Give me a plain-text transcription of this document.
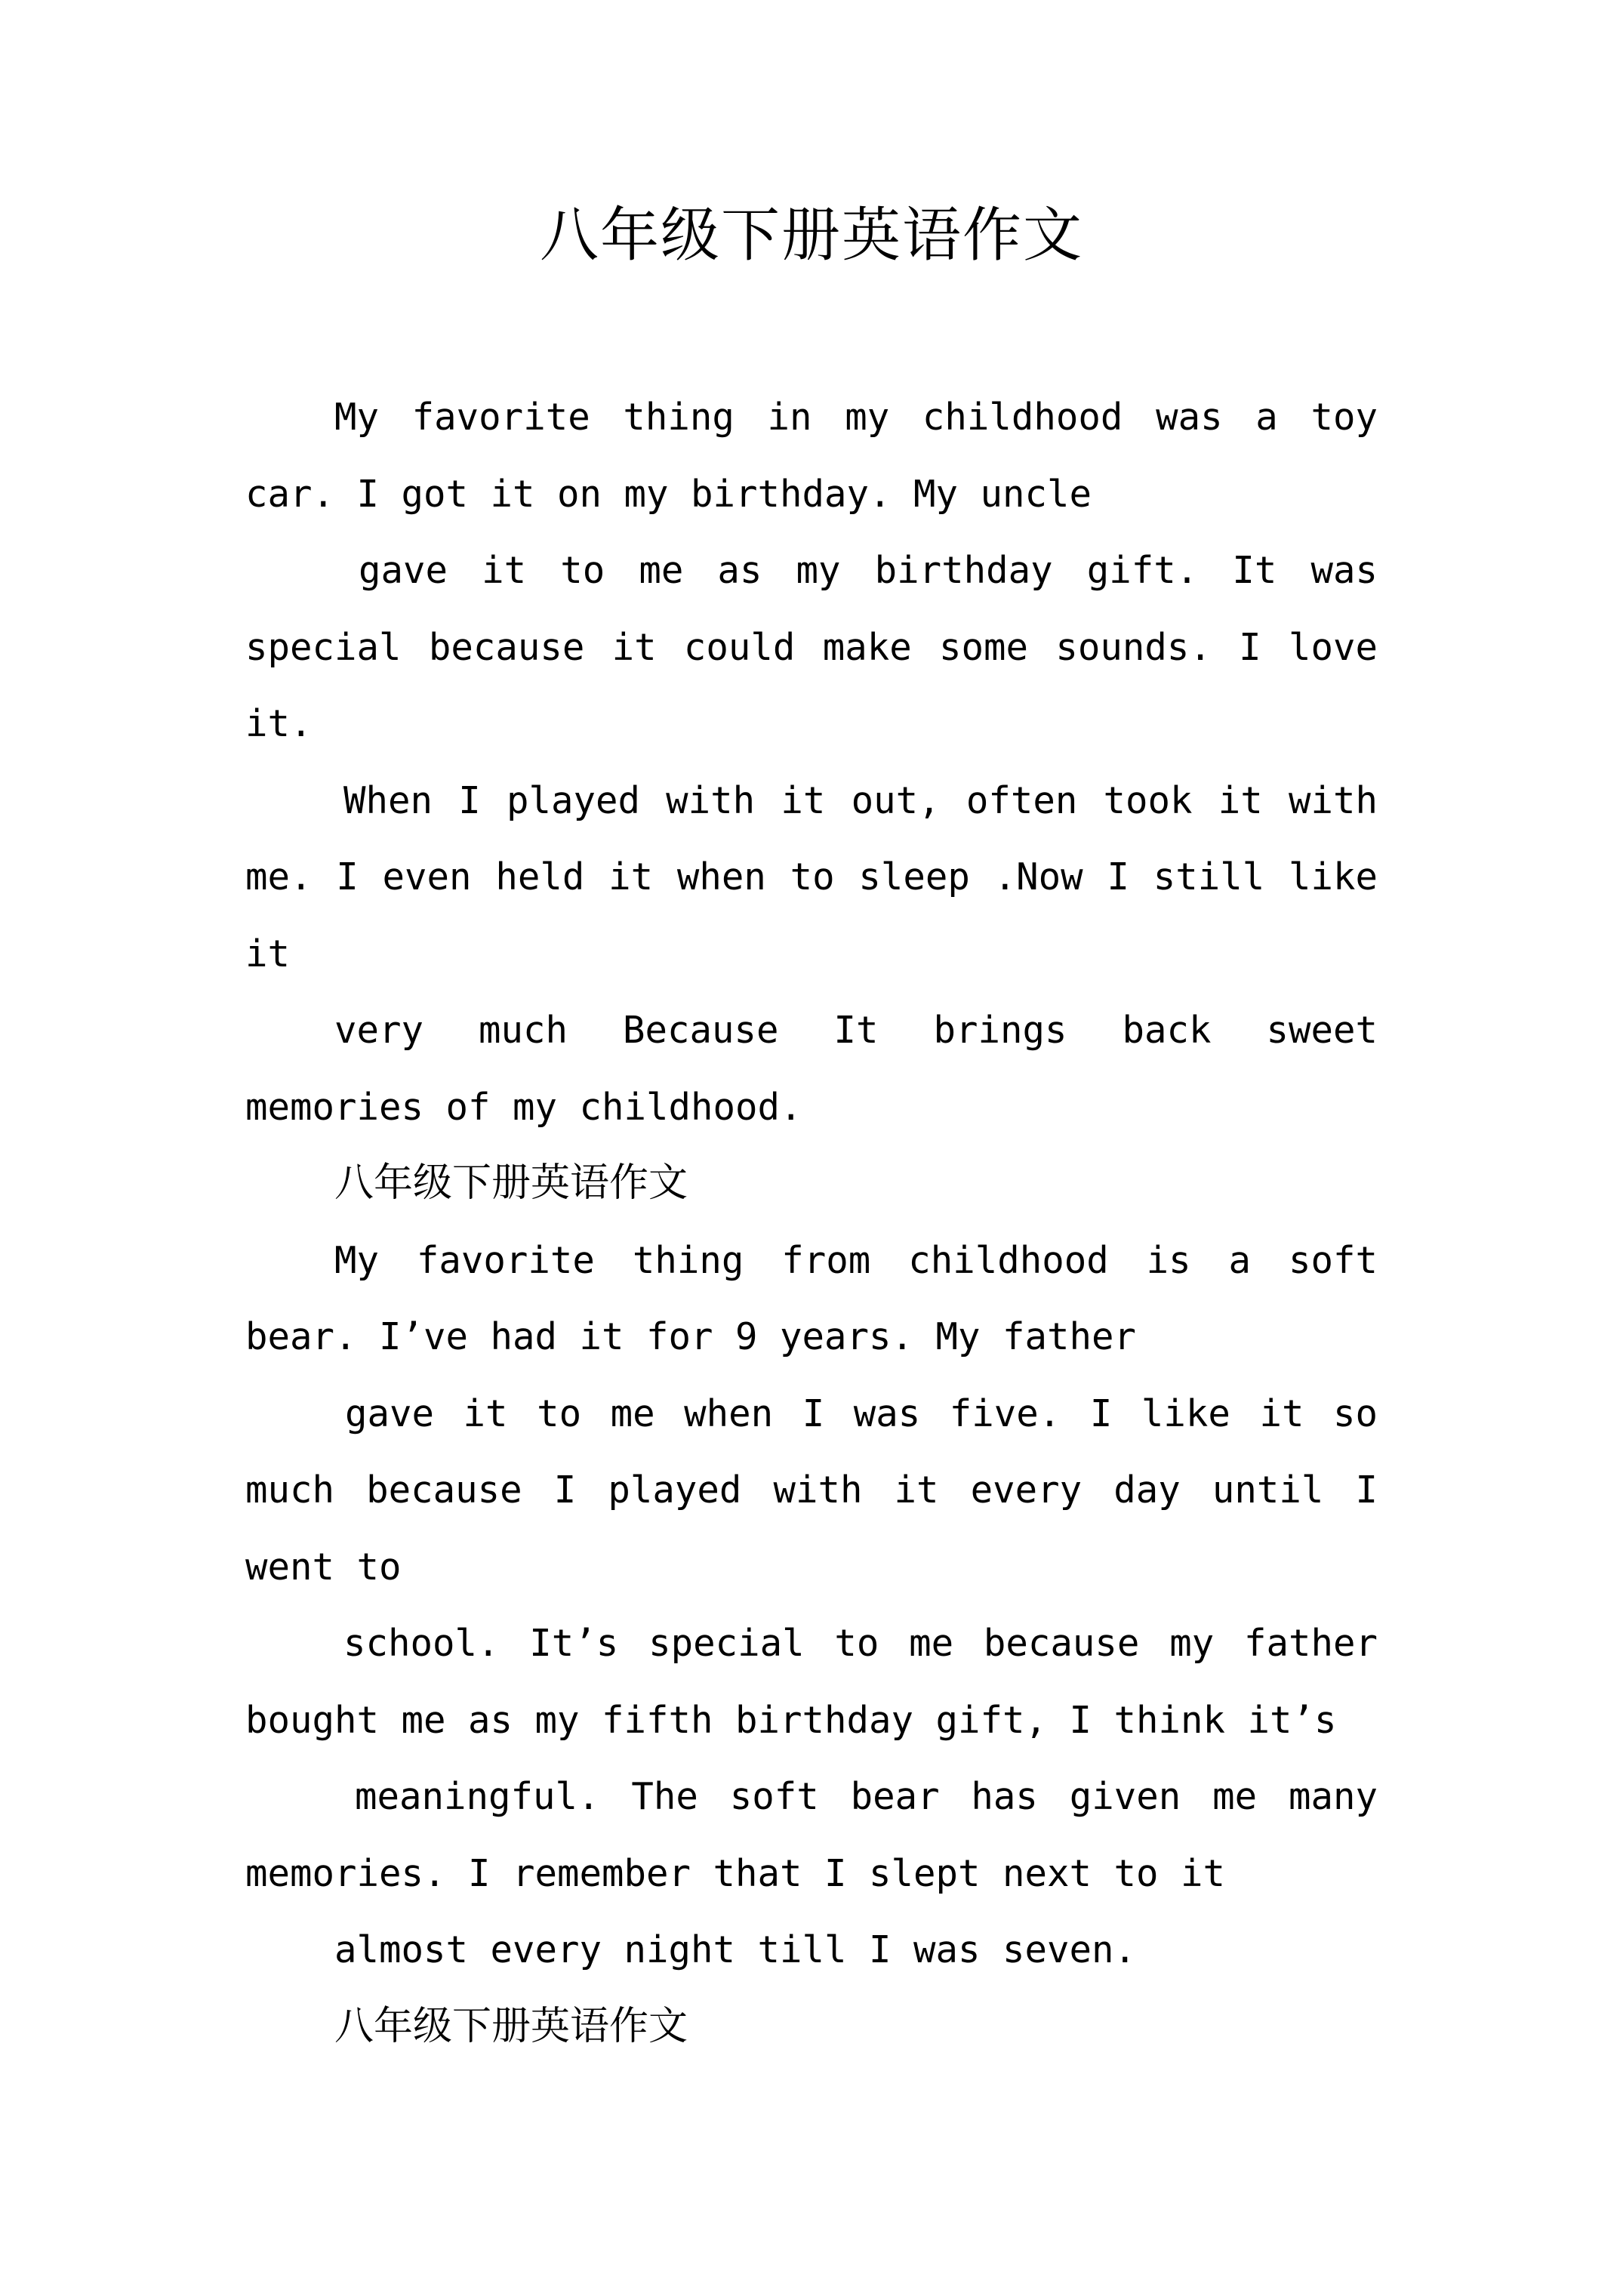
八年级下册英语作文

My favorite thing in my childhood was a toy car. I got it on my birthday. My uncle

gave it to me as my birthday gift. It was special because it could make some sounds. I love it.

When I played with it out, often took it with me. I even held it when to sleep .Now I still like it

very much Because It brings back sweet memories of my childhood.

八年级下册英语作文

My favorite thing from childhood is a soft bear. I’ve had it for 9 years. My father

gave it to me when I was five. I like it so much because I played with it every day until I went to

school. It’s special to me because my father bought me as my fifth birthday gift, I think it’s

meaningful. The soft bear has given me many memories. I remember that I slept next to it

almost every night till I was seven.

八年级下册英语作文
